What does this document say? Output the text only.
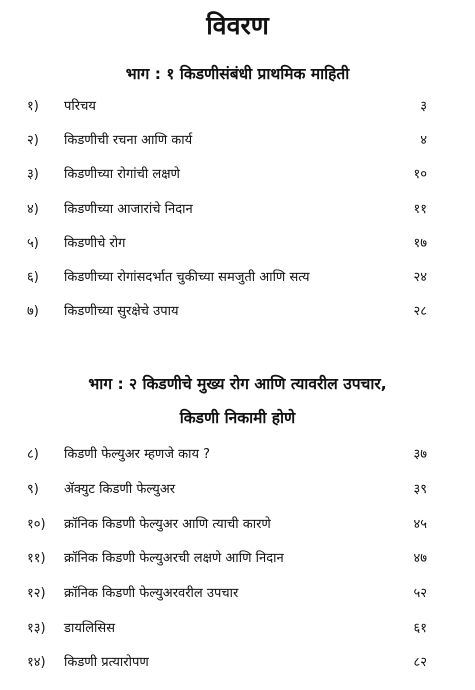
विवरण
भाग : १ किडणीसंबंधी प्राथमिक माहिती
१) परिचय	३
२) किडणीची रचना आणि कार्य	४
३) किडणीच्या रोगांची लक्षणे	१०
४) किडणीच्या आजारांचे निदान	११
५) किडणीचे रोग	१७
६) किडणीच्या रोगांसदर्भात चुकीच्या समजुती आणि सत्य	२४
७) किडणीच्या सुरक्षेचे उपाय	२८
भाग : २ किडणीचे मुख्य रोग आणि त्यावरील उपचार,
किडणी निकामी होणे
८) किडणी फेल्युअर म्हणजे काय ?	३७
९) ॲक्युट किडणी फेल्युअर	३९
१०) क्रॉनिक किडणी फेल्युअर आणि त्याची कारणे	४५
११) क्रॉनिक किडणी फेल्युअरची लक्षणे आणि निदान	४७
१२) क्रॉनिक किडणी फेल्युअरवरील उपचार	५२
१३) डायलिसिस	६१
१४) किडणी प्रत्यारोपण	८२
